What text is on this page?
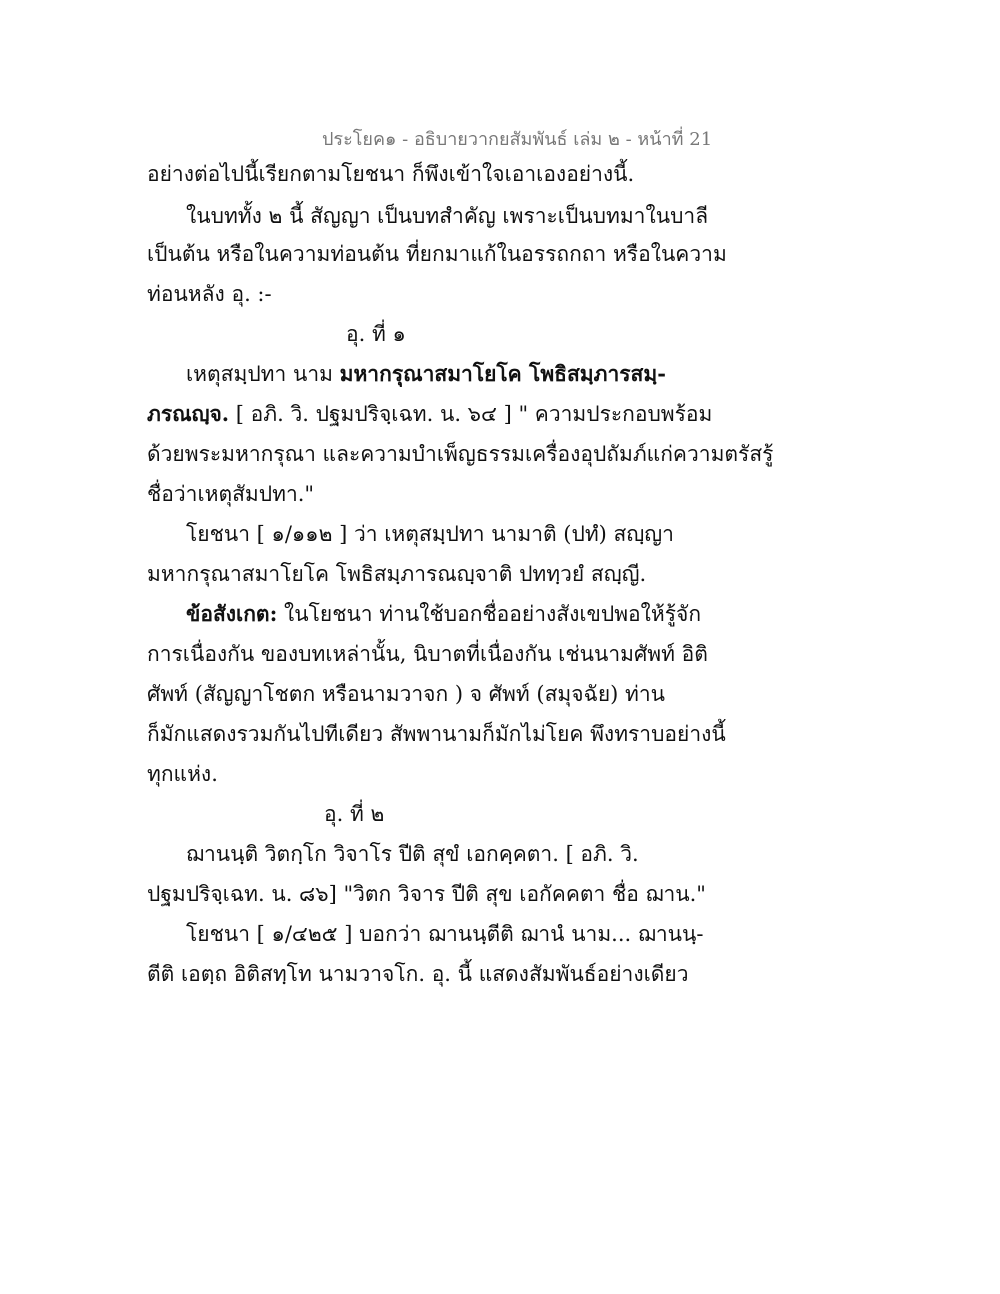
ประโยค๑ - อธิบายวากยสัมพันธ์ เล่ม ๒ - หน้าที่ 21
อย่างต่อไปนี้เรียกตามโยชนา ก็พึงเข้าใจเอาเองอย่างนี้.
ในบททั้ง ๒ นี้ สัญญา เป็นบทสำคัญ เพราะเป็นบทมาในบาลี
เป็นต้น หรือในความท่อนต้น ที่ยกมาแก้ในอรรถกถา หรือในความ
ท่อนหลัง อุ. :-
อุ. ที่ ๑
เหตุสมฺปทา นาม มหากรุณาสมาโยโค โพธิสมฺภารสมฺ-
ภรณญฺจ. [ อภิ. วิ. ปฐมปริจฺเฉท. น. ๖๔ ] " ความประกอบพร้อม
ด้วยพระมหากรุณา และความบำเพ็ญธรรมเครื่องอุปถัมภ์แก่ความตรัสรู้
ชื่อว่าเหตุสัมปทา."
โยชนา [ ๑/๑๑๒ ] ว่า เหตุสมฺปทา นามาติ (ปทํ) สญฺญา
มหากรุณาสมาโยโค โพธิสมฺภารณญฺจาติ ปททฺวยํ สญฺญี.
ข้อสังเกต: ในโยชนา ท่านใช้บอกชื่ออย่างสังเขปพอให้รู้จัก
การเนื่องกัน ของบทเหล่านั้น, นิบาตที่เนื่องกัน เช่นนามศัพท์ อิติ
ศัพท์ (สัญญาโชตก หรือนามวาจก ) จ ศัพท์ (สมุจฉัย) ท่าน
ก็มักแสดงรวมกันไปทีเดียว สัพพานามก็มักไม่โยค พึงทราบอย่างนี้
ทุกแห่ง.
อุ. ที่ ๒
ฌานนฺติ วิตกฺโก วิจาโร ปีติ สุขํ เอกคฺคตา. [ อภิ. วิ.
ปฐมปริจฺเฉท. น. ๘๖] "วิตก วิจาร ปีติ สุข เอกัคคตา ชื่อ ฌาน."
โยชนา [ ๑/๔๒๕ ] บอกว่า ฌานนฺตีติ ฌานํ นาม... ฌานนฺ-
ตีติ เอตฺถ อิติสทฺโท นามวาจโก. อุ. นี้ แสดงสัมพันธ์อย่างเดียว
